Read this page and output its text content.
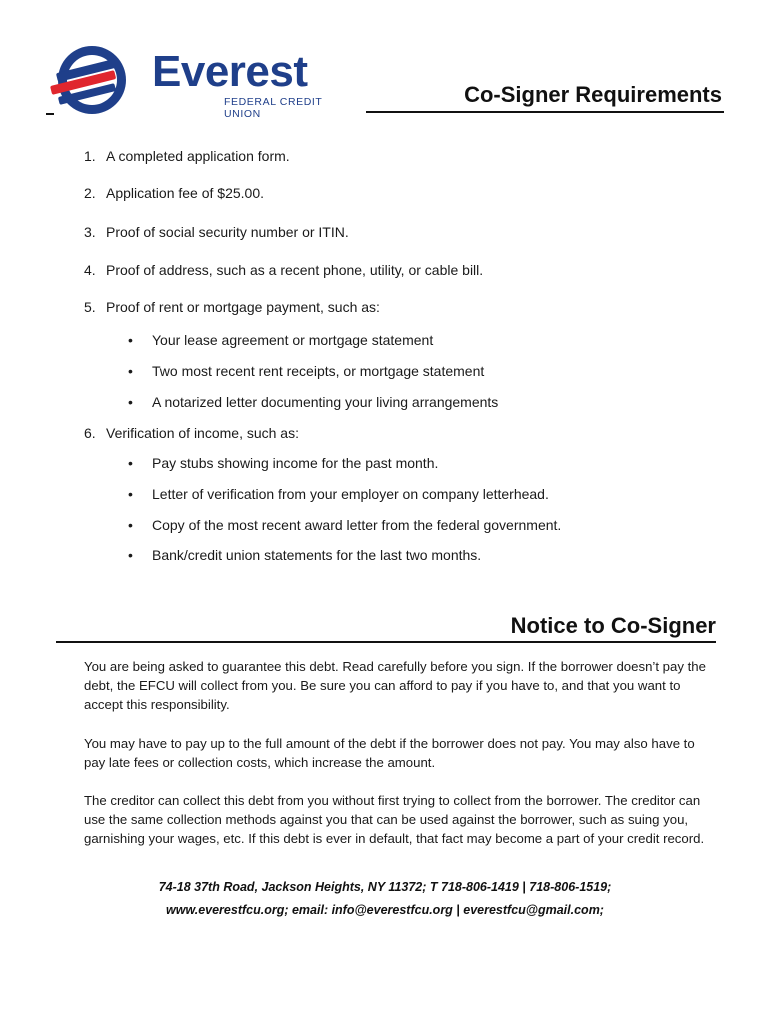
Everest
FEDERAL CREDIT UNION
Co-Signer Requirements
1. A completed application form.
2. Application fee of $25.00.
3. Proof of social security number or ITIN.
4. Proof of address, such as a recent phone, utility, or cable bill.
5. Proof of rent or mortgage payment, such as:
• Your lease agreement or mortgage statement
• Two most recent rent receipts, or mortgage statement
• A notarized letter documenting your living arrangements
6. Verification of income, such as:
• Pay stubs showing income for the past month.
• Letter of verification from your employer on company letterhead.
• Copy of the most recent award letter from the federal government.
• Bank/credit union statements for the last two months.
Notice to Co-Signer
You are being asked to guarantee this debt. Read carefully before you sign. If the borrower doesn’t pay the debt, the EFCU will collect from you. Be sure you can afford to pay if you have to, and that you want to accept this responsibility.
You may have to pay up to the full amount of the debt if the borrower does not pay. You may also have to pay late fees or collection costs, which increase the amount.
The creditor can collect this debt from you without first trying to collect from the borrower. The creditor can use the same collection methods against you that can be used against the borrower, such as suing you, garnishing your wages, etc. If this debt is ever in default, that fact may become a part of your credit record.
74-18 37th Road, Jackson Heights, NY 11372; T 718-806-1419 | 718-806-1519;
www.everestfcu.org; email: info@everestfcu.org | everestfcu@gmail.com;
